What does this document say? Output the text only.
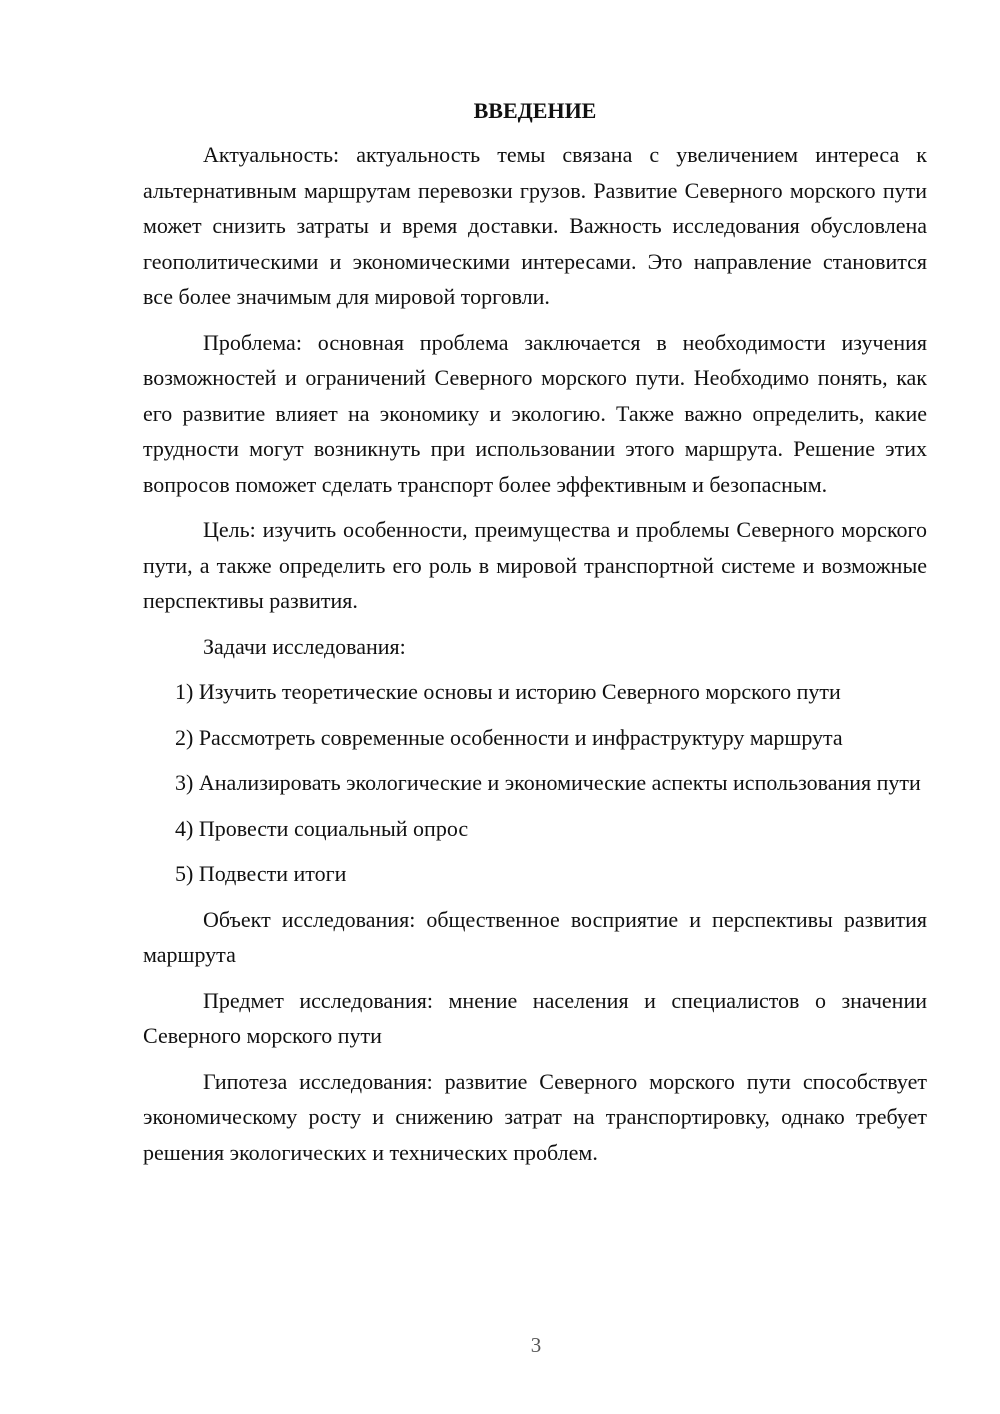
ВВЕДЕНИЕ

Актуальность: актуальность темы связана с увеличением интереса к альтернативным маршрутам перевозки грузов. Развитие Северного морского пути может снизить затраты и время доставки. Важность исследования обусловлена геополитическими и экономическими интересами. Это направление становится все более значимым для мировой торговли.

Проблема: основная проблема заключается в необходимости изучения возможностей и ограничений Северного морского пути. Необходимо понять, как его развитие влияет на экономику и экологию. Также важно определить, какие трудности могут возникнуть при использовании этого маршрута. Решение этих вопросов поможет сделать транспорт более эффективным и безопасным.

Цель: изучить особенности, преимущества и проблемы Северного морского пути, а также определить его роль в мировой транспортной системе и возможные перспективы развития.

Задачи исследования:

1) Изучить теоретические основы и историю Северного морского пути

2) Рассмотреть современные особенности и инфраструктуру маршрута

3) Анализировать экологические и экономические аспекты использования пути

4) Провести социальный опрос

5) Подвести итоги

Объект исследования: общественное восприятие и перспективы развития маршрута

Предмет исследования: мнение населения и специалистов о значении Северного морского пути

Гипотеза исследования: развитие Северного морского пути способствует экономическому росту и снижению затрат на транспортировку, однако требует решения экологических и технических проблем.

3
